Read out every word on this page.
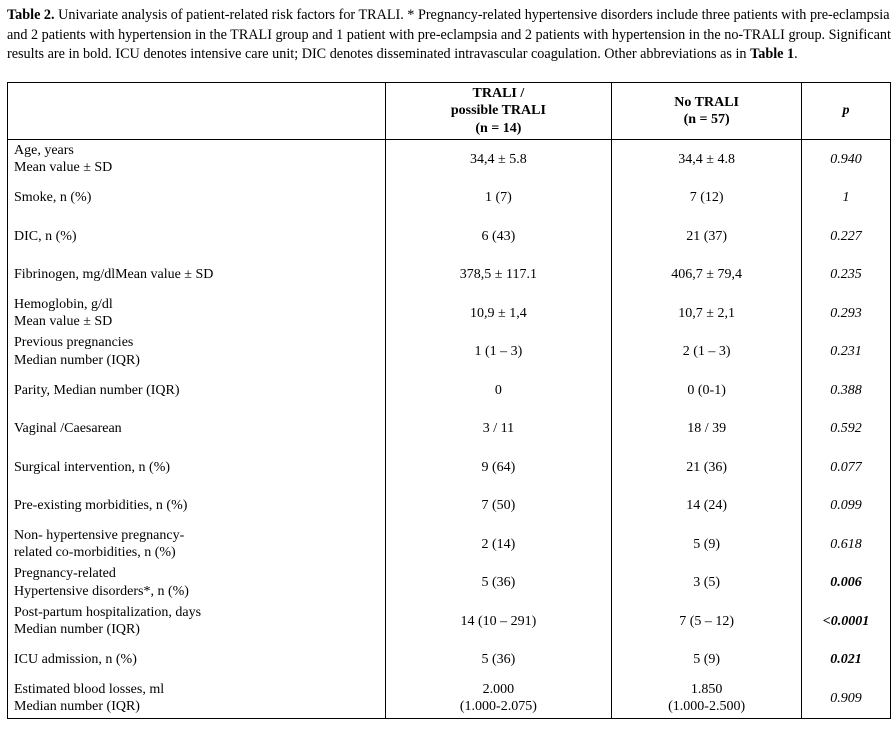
Table 2. Univariate analysis of patient-related risk factors for TRALI. * Pregnancy-related hypertensive disorders include three patients with pre-eclampsia and 2 patients with hypertension in the TRALI group and 1 patient with pre-eclampsia and 2 patients with hypertension in the no-TRALI group. Significant results are in bold. ICU denotes intensive care unit; DIC denotes disseminated intravascular coagulation. Other abbreviations as in Table 1.

	TRALI /
possible TRALI
(n = 14)	No TRALI
(n = 57)	p

Age, years
Mean value ± SD	34,4 ± 5.8	34,4 ± 4.8	0.940

Smoke, n (%)	1 (7)	7 (12)	1

DIC, n (%)	6 (43)	21 (37)	0.227

Fibrinogen, mg/dlMean value ± SD	378,5 ± 117.1	406,7 ± 79,4	0.235

Hemoglobin, g/dl
Mean value ± SD	10,9 ± 1,4	10,7 ± 2,1	0.293

Previous pregnancies
Median number (IQR)	1 (1 – 3)	2 (1 – 3)	0.231

Parity, Median number (IQR)	0	0 (0-1)	0.388

Vaginal /Caesarean	3 / 11	18 / 39	0.592

Surgical intervention, n (%)	9 (64)	21 (36)	0.077

Pre-existing morbidities, n (%)	7 (50)	14 (24)	0.099

Non- hypertensive pregnancy-
related co-morbidities, n (%)	2 (14)	5 (9)	0.618

Pregnancy-related
Hypertensive disorders*, n (%)	5 (36)	3 (5)	0.006

Post-partum hospitalization, days
Median number (IQR)	14 (10 – 291)	7 (5 – 12)	<0.0001

ICU admission, n (%)	5 (36)	5 (9)	0.021

Estimated blood losses, ml
Median number (IQR)	2.000
(1.000-2.075)	1.850
(1.000-2.500)	0.909
